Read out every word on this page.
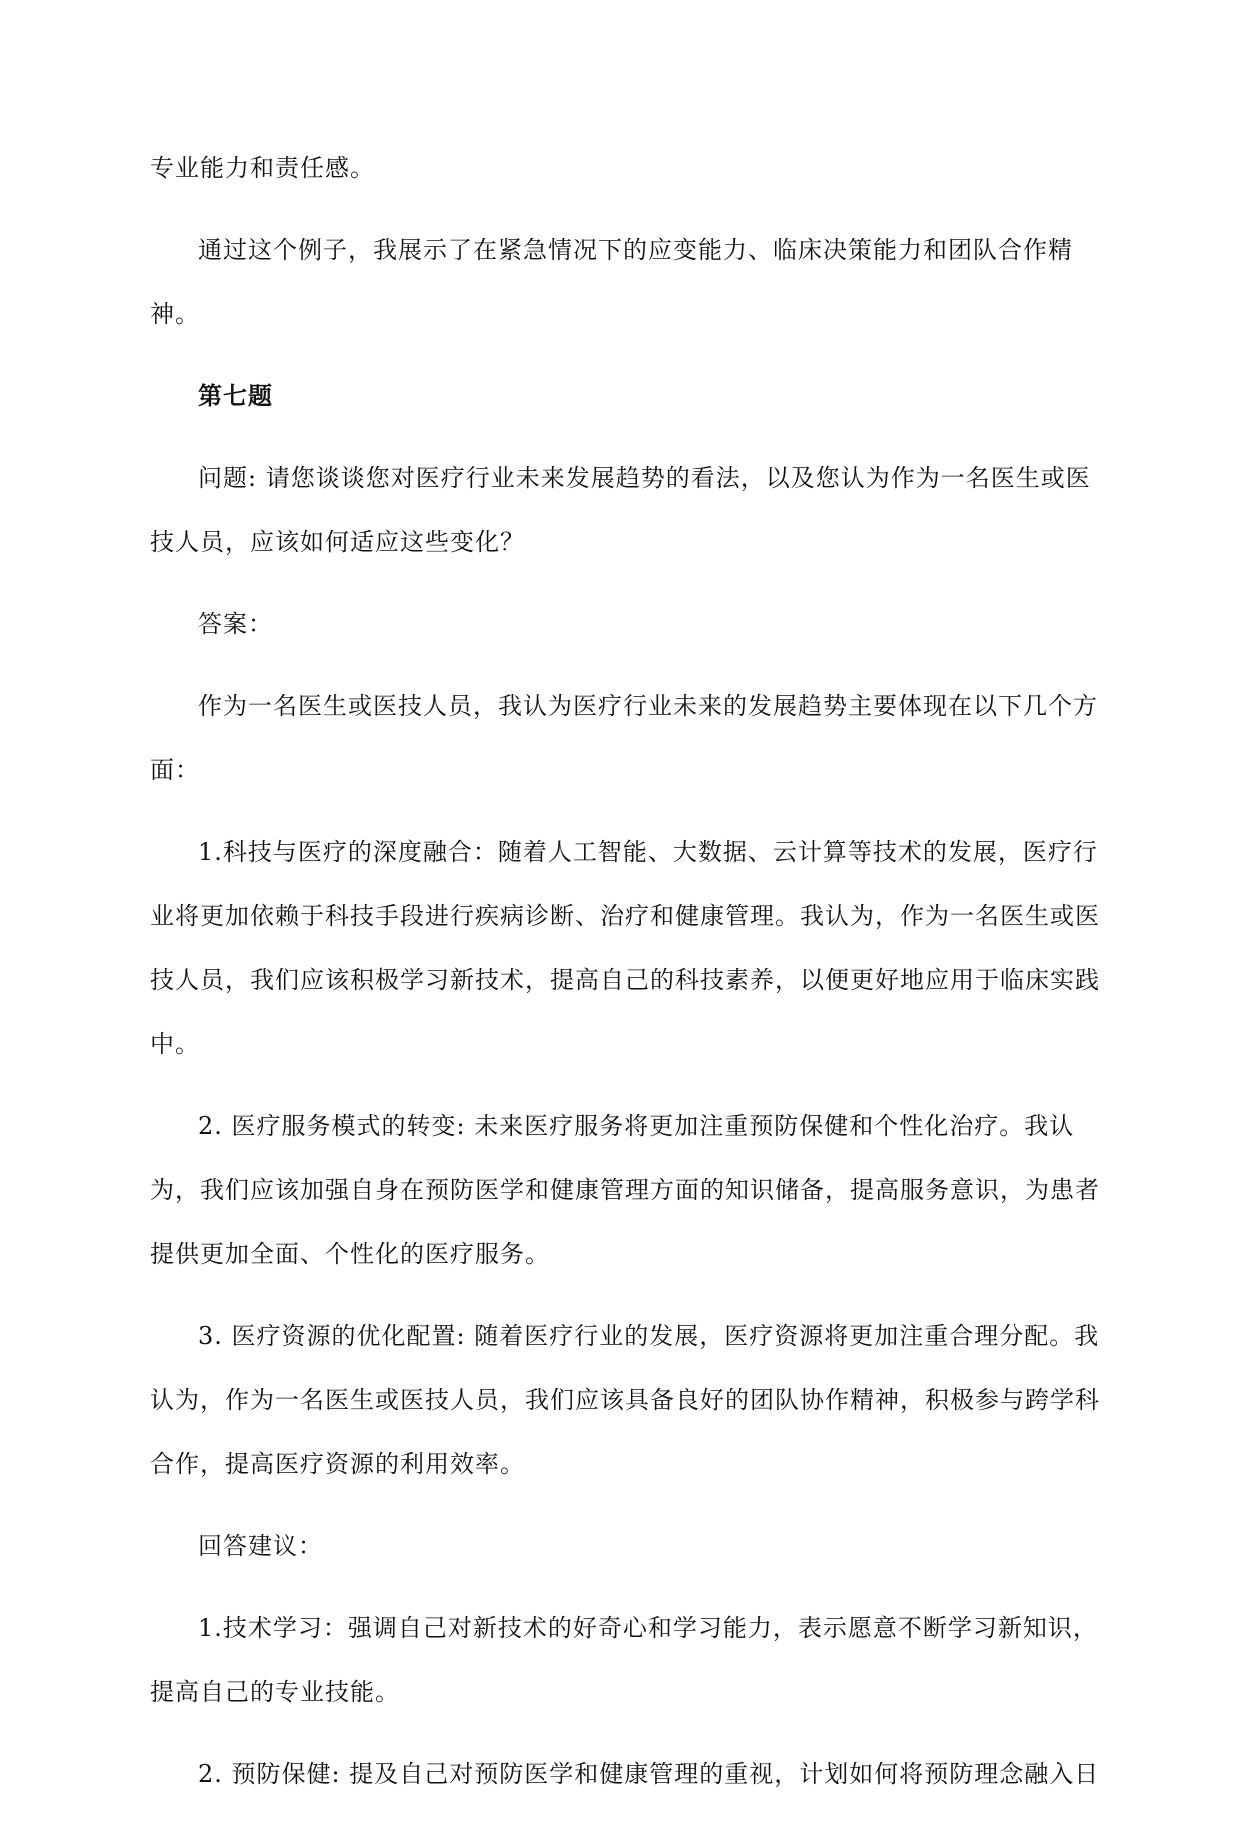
专业能力和责任感。

通过这个例子，我展示了在紧急情况下的应变能力、临床决策能力和团队合作精神。

第七题

问题: 请您谈谈您对医疗行业未来发展趋势的看法，以及您认为作为一名医生或医技人员，应该如何适应这些变化？

答案：

作为一名医生或医技人员，我认为医疗行业未来的发展趋势主要体现在以下几个方面：

1.科技与医疗的深度融合：随着人工智能、大数据、云计算等技术的发展，医疗行业将更加依赖于科技手段进行疾病诊断、治疗和健康管理。我认为，作为一名医生或医技人员，我们应该积极学习新技术，提高自己的科技素养，以便更好地应用于临床实践中。

2. 医疗服务模式的转变: 未来医疗服务将更加注重预防保健和个性化治疗。我认为，我们应该加强自身在预防医学和健康管理方面的知识储备，提高服务意识，为患者提供更加全面、个性化的医疗服务。

3. 医疗资源的优化配置: 随着医疗行业的发展，医疗资源将更加注重合理分配。我认为，作为一名医生或医技人员，我们应该具备良好的团队协作精神，积极参与跨学科合作，提高医疗资源的利用效率。

回答建议：

1.技术学习：强调自己对新技术的好奇心和学习能力，表示愿意不断学习新知识，提高自己的专业技能。

2. 预防保健: 提及自己对预防医学和健康管理的重视，计划如何将预防理念融入日
